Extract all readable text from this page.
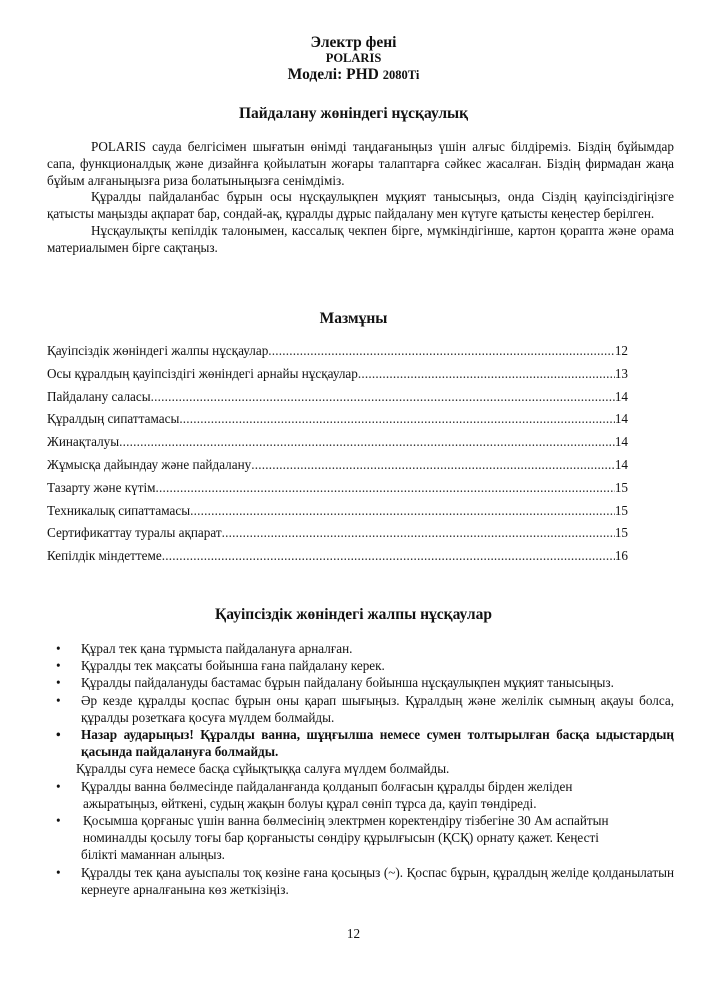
Электр фені
POLARIS
Моделі: PHD 2080Ti
Пайдалану жөніндегі нұсқаулық

POLARIS сауда белгісімен шығатын өнімді таңдағаныңыз үшін алғыс білдіреміз. Біздің бұйымдар сапа, функционалдық және дизайнға қойылатын жоғары талаптарға сәйкес жасалған. Біздің фирмадан жаңа бұйым алғаныңызға риза болатыныңызға сенімдіміз.

Құралды пайдаланбас бұрын осы нұсқаулықпен мұқият танысыңыз, онда Сіздің қауіпсіздігіңізге қатысты маңызды ақпарат бар, сондай-ақ, құралды дұрыс пайдалану мен күтуге қатысты кеңестер берілген.

Нұсқаулықты кепілдік талонымен, кассалық чекпен бірге, мүмкіндігінше, картон қорапта және орама материалымен бірге сақтаңыз.

Мазмұны
Қауіпсіздік жөніндегі жалпы нұсқаулар .....	12
Осы құралдың қауіпсіздігі жөніндегі арнайы нұсқаулар .....	13
Пайдалану саласы .....	14
Құралдың сипаттамасы .....	14
Жинақталуы .....	14
Жұмысқа дайындау және пайдалану .....	14
Тазарту және күтім .....	15
Техникалық сипаттамасы .....	15
Сертификаттау туралы ақпарат .....	15
Кепілдік міндеттеме .....	16
Қауіпсіздік жөніндегі жалпы нұсқаулар
•	Құрал тек қана тұрмыста пайдалануға арналған.
•	Құралды тек мақсаты бойынша ғана пайдалану керек.
•	Құралды пайдалануды бастамас бұрын пайдалану бойынша нұсқаулықпен мұқият танысыңыз.
•	Әр кезде құралды қоспас бұрын оны қарап шығыңыз. Құралдың және желілік сымның ақауы болса, құралды розеткаға қосуға мүлдем болмайды.
•	Назар аударыңыз! Құралды ванна, шұңғылша немесе сумен толтырылған басқа ыдыстардың қасында пайдалануға болмайды.
Құралды суға немесе басқа сұйықтыққа салуға мүлдем болмайды.
•	Құралды ванна бөлмесінде пайдаланғанда қолданып болғасын құралды бірден желіден
ажыратыңыз, өйткені, судың жақын болуы құрал сөніп тұрса да, қауіп төндіреді.
•	Қосымша қорғаныс үшін ванна бөлмесінің электрмен коректендіру тізбегіне 30 Ам аспайтын
номиналды қосылу тоғы бар қорғанысты сөндіру құрылғысын (ҚСҚ) орнату қажет. Кеңесті
білікті маманнан алыңыз.
•	Құралды тек қана ауыспалы тоқ көзіне ғана қосыңыз (~). Қоспас бұрын, құралдың желіде қолданылатын кернеуге арналғанына көз жеткізіңіз.
12
